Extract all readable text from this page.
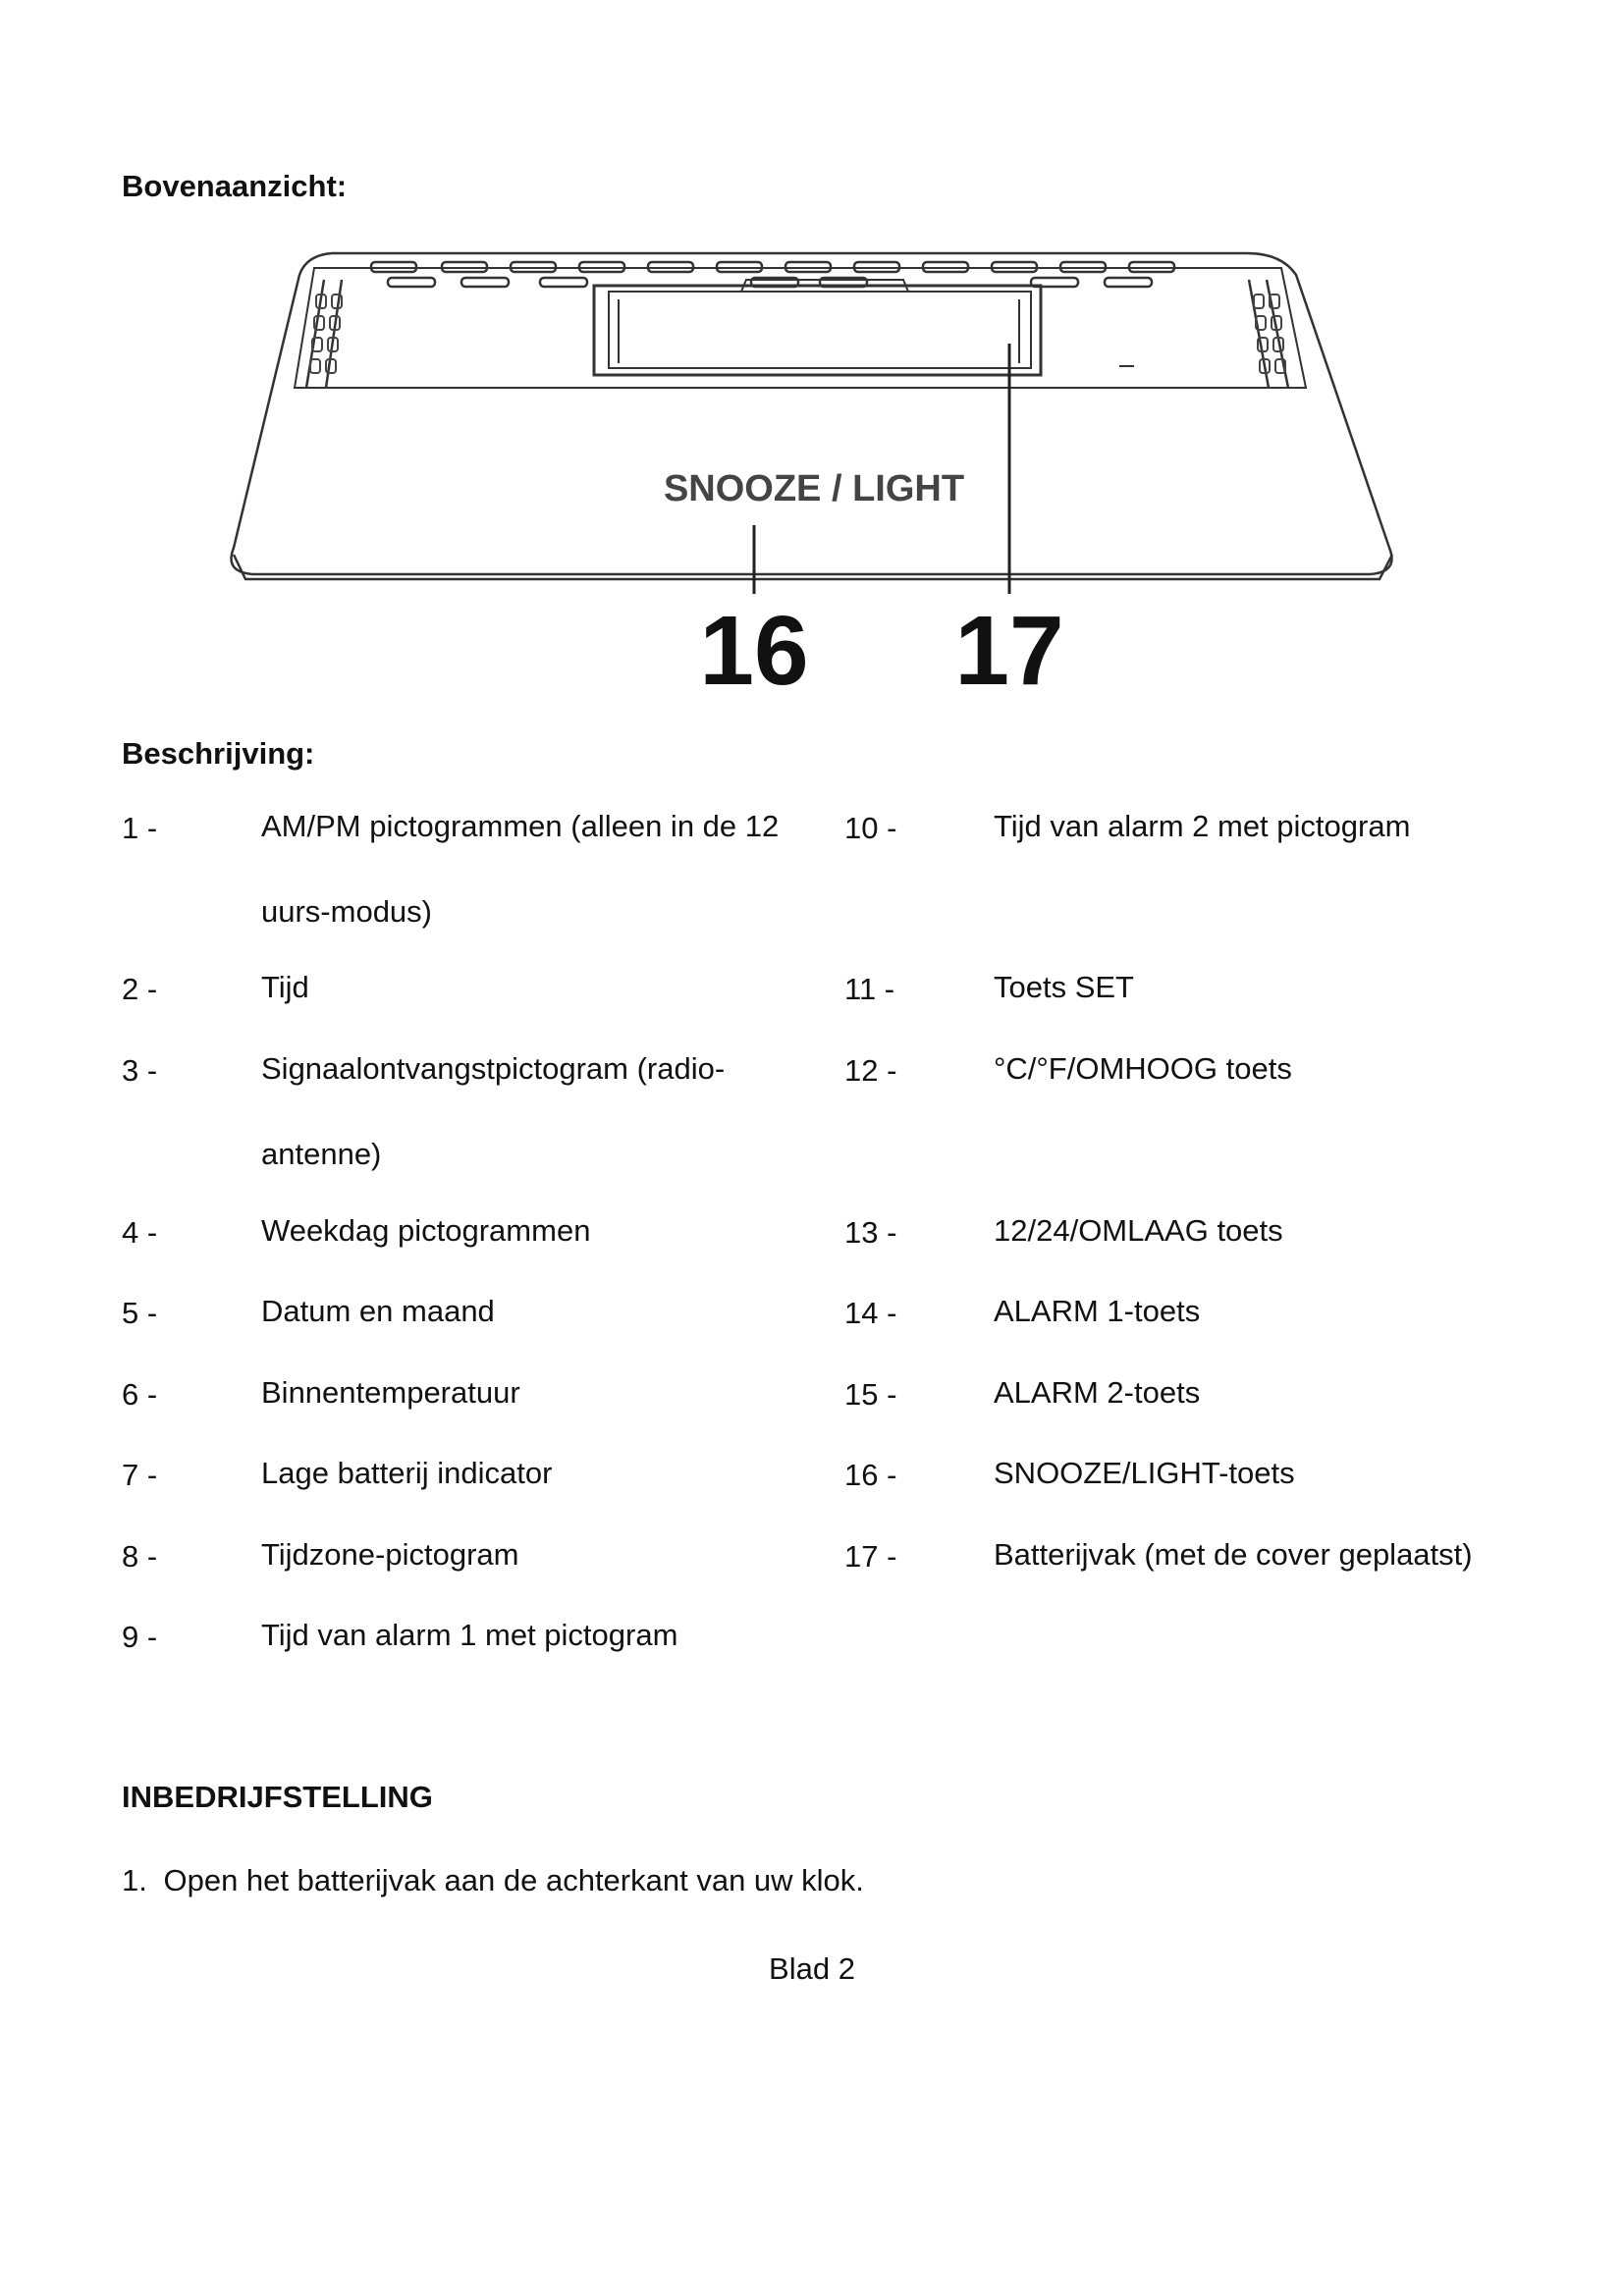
Bovenaanzicht:
SNOOZE / LIGHT
16 17
Beschrijving:
1 -	AM/PM pictogrammen (alleen in de 12 uurs-modus)
2 -	Tijd
3 -	Signaalontvangstpictogram (radio-antenne)
4 -	Weekdag pictogrammen
5 -	Datum en maand
6 -	Binnentemperatuur
7 -	Lage batterij indicator
8 -	Tijdzone-pictogram
9 -	Tijd van alarm 1 met pictogram
10 -	Tijd van alarm 2 met pictogram
11 -	Toets SET
12 -	°C/°F/OMHOOG toets
13 -	12/24/OMLAAG toets
14 -	ALARM 1-toets
15 -	ALARM 2-toets
16 -	SNOOZE/LIGHT-toets
17 -	Batterijvak (met de cover geplaatst)
INBEDRIJFSTELLING
1. Open het batterijvak aan de achterkant van uw klok.
Blad 2
